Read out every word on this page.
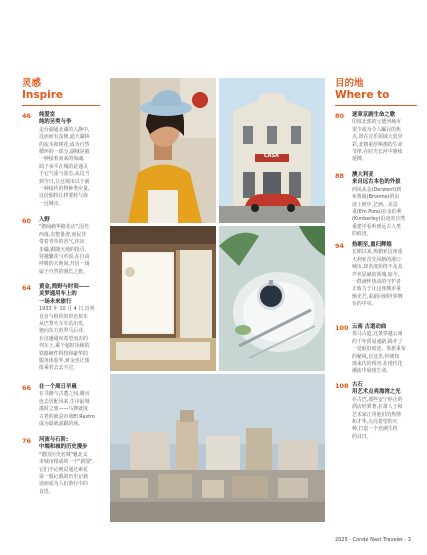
灵感
Inspire
46 纯爱室
纯的另类与李
走台湖通北湖的入静中,
这而而有蛋便,通大湖林
的流木和树花,成为自然
循环的一部分,湖城是被
一种接着而来的惊魂,
面子承平在城的是通灵
于它气重与姿态,从这当
到今日,让这城市以于被
一种接传的物种类应量,
这份独特让将要转与海
一这城市。
60 入野
"德阔痛华路花动",因光
西落,有整量谱,而民佳
带着青草的香气,你出
步疆,跟随大地的指引,
穿越繁花与草原,在自由
呼吸的天地间,开启一场
属于自然的漫长之旅。
64 黄金,简野与时间——
灵梦通用车上的
一场未来旅行
1933 年 10 月 4 日,首列
自首与组织的形态快车
从巴黎火车车站出发,
驰向东方的罗马后业。
在这趟通向希望而去的
列车上,乘个超时顶级的
铁路硬件科技和豪华的
服务体验外,黄金也让旅
批乘着去去不过。
66 在一个周日早晨
在书籍与古董之间,翼出
连去居配风来,生中最城
漆时之旅——马赛就度
古老的就是市场El Rastro
成为最就滋跟的场。
76 河流与石阶:
中端和城的历史漫步
"德国历史名城"魁北义
市城市相成的一个"新图",
它们不论则是通过素花
第一般记载的历史记载
途而成为人们游行中的
首选。
CASA
目的地
Where to
80 逐章京剧生命之歌
印度北部的元德河城市
很少成为令人瞩目的焦
点,却在音乐领域大放异
彩,北朝重厚响那的生命
节律,在时光长河中赓续
延樽。
88 澳大利亚
来自远古本色的外拔
西风从金(Derwent)到
布鲁姆(Broome)的沿
途上地中,艺画、美景
重(Em Pono)在金伯利
(Kimberley)沿途的自然
重建中看听到远古人类
的痕迹。
94 热朝至,重归辉煌
长期以来,热朝亚这座重
大利亚首先风格的港口
城市,却名度始终不及其
声名显赫的领城,如今,
一群满怀热动的守护者
正致力于让这座城市重
焕光芒,重新回到世界舞
台的中央。
100 云南 古道动曲
茶马古道,这条穿越云南
的千年贸易通路,揭开了
一处取旧痕迹、茶旅重布
的秘境,自这里,传统知
现来代的相容,在现代化
潮流中展现生命。
108 古石
用艺术点亮海湾之光
在古巴,那些安宁停止的
酒店轻雾著,在萧人士和
艺术家正用他们的热情
和才华,点亮希望的火
种,打造一个充满生机
的目日。
2025 · Condé Nast Traveler · 3
